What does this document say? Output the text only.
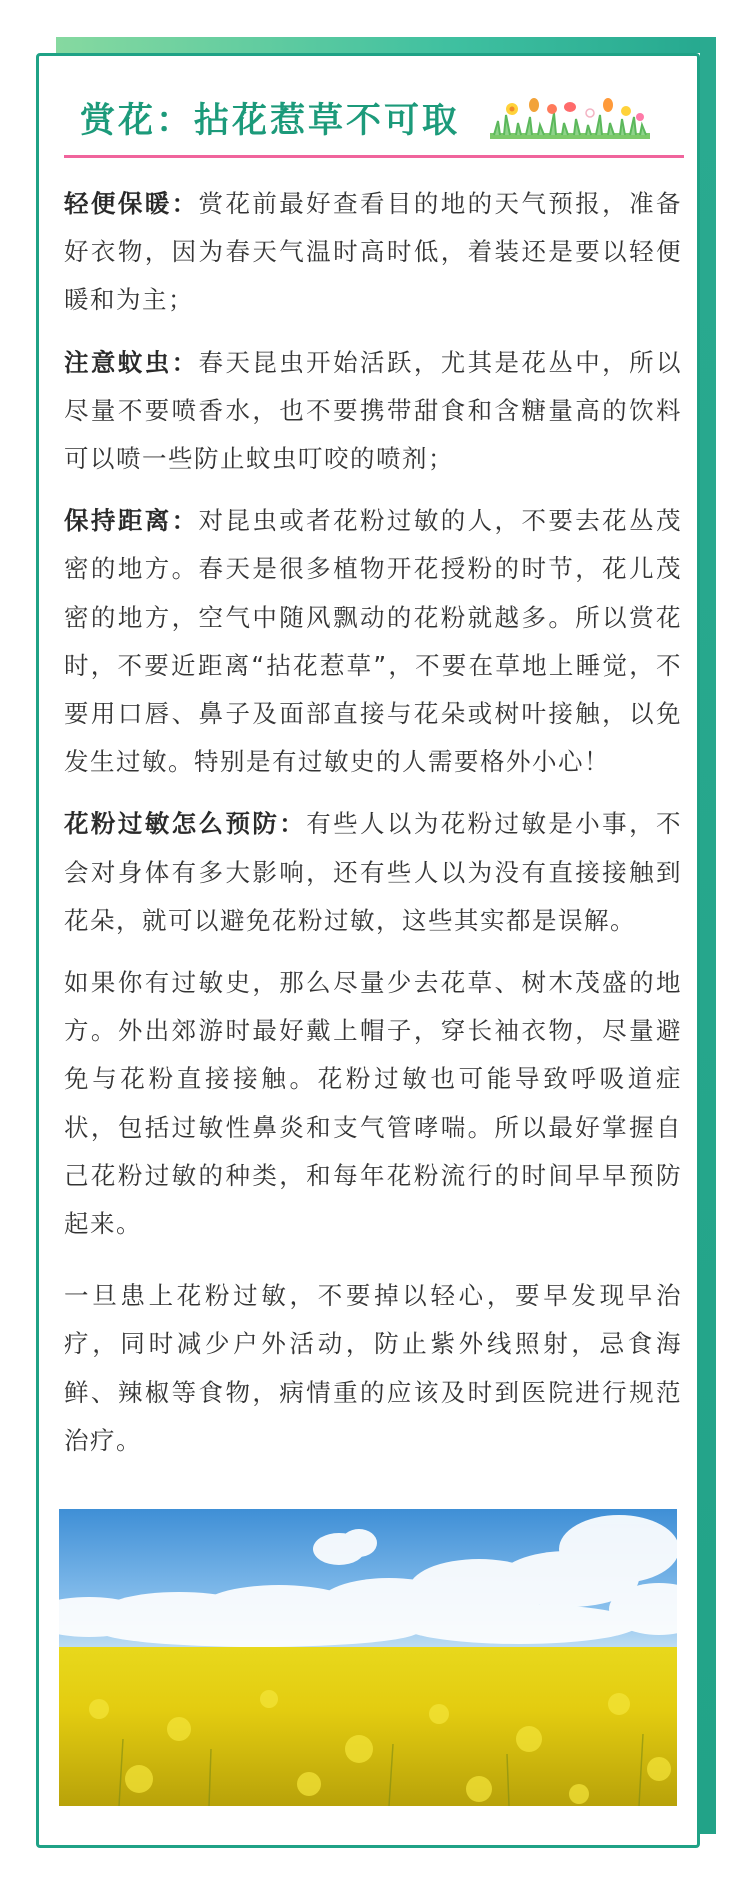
赏花：拈花惹草不可取

轻便保暖：赏花前最好查看目的地的天气预报，准备好衣物，因为春天气温时高时低，着装还是要以轻便暖和为主；

注意蚊虫：春天昆虫开始活跃，尤其是花丛中，所以尽量不要喷香水，也不要携带甜食和含糖量高的饮料可以喷一些防止蚊虫叮咬的喷剂；

保持距离：对昆虫或者花粉过敏的人，不要去花丛茂密的地方。春天是很多植物开花授粉的时节，花儿茂密的地方，空气中随风飘动的花粉就越多。所以赏花时，不要近距离“拈花惹草”，不要在草地上睡觉，不要用口唇、鼻子及面部直接与花朵或树叶接触，以免发生过敏。特别是有过敏史的人需要格外小心！

花粉过敏怎么预防：有些人以为花粉过敏是小事，不会对身体有多大影响，还有些人以为没有直接接触到花朵，就可以避免花粉过敏，这些其实都是误解。

如果你有过敏史，那么尽量少去花草、树木茂盛的地方。外出郊游时最好戴上帽子，穿长袖衣物，尽量避免与花粉直接接触。花粉过敏也可能导致呼吸道症状，包括过敏性鼻炎和支气管哮喘。所以最好掌握自己花粉过敏的种类，和每年花粉流行的时间早早预防起来。

一旦患上花粉过敏，不要掉以轻心，要早发现早治疗，同时减少户外活动，防止紫外线照射，忌食海鲜、辣椒等食物，病情重的应该及时到医院进行规范治疗。
